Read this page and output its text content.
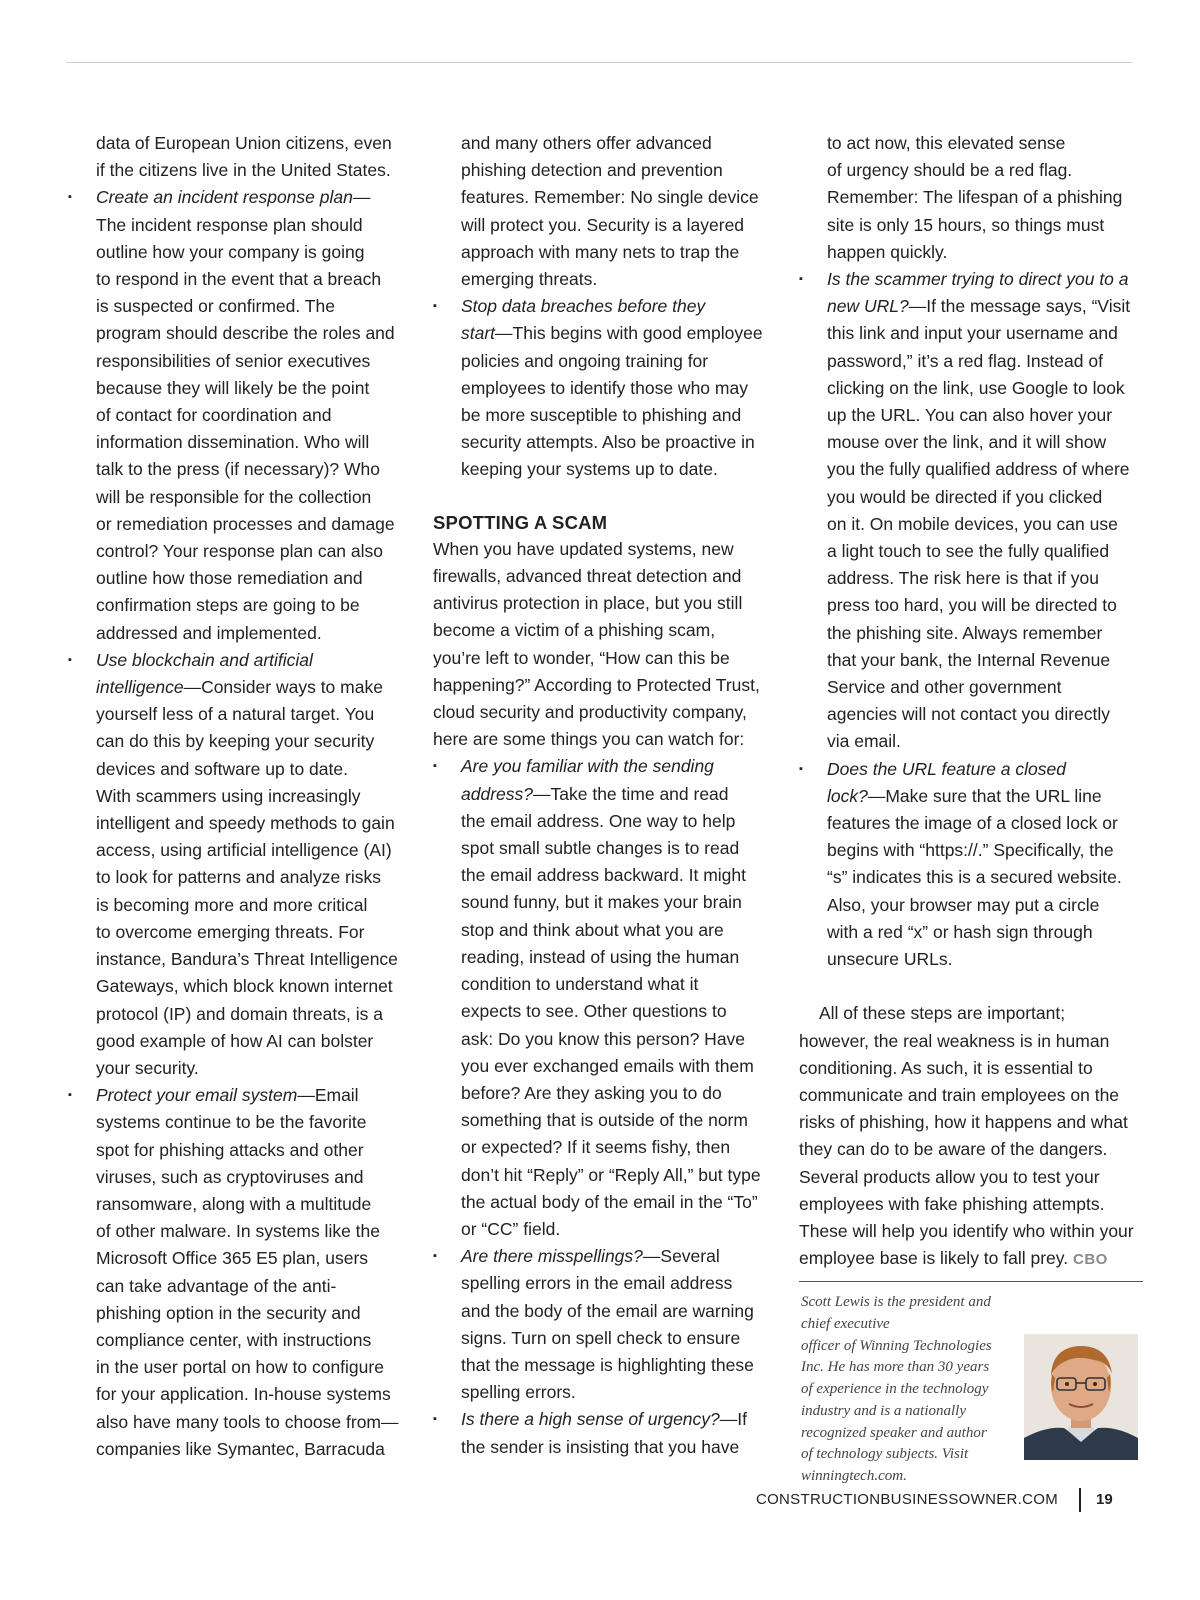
data of European Union citizens, even
if the citizens live in the United States.

▪ Create an incident response plan—
The incident response plan should
outline how your company is going
to respond in the event that a breach
is suspected or confirmed. The
program should describe the roles and
responsibilities of senior executives
because they will likely be the point
of contact for coordination and
information dissemination. Who will
talk to the press (if necessary)? Who
will be responsible for the collection
or remediation processes and damage
control? Your response plan can also
outline how those remediation and
confirmation steps are going to be
addressed and implemented.
▪ Use blockchain and artificial
intelligence—Consider ways to make
yourself less of a natural target. You
can do this by keeping your security
devices and software up to date.
With scammers using increasingly
intelligent and speedy methods to gain
access, using artificial intelligence (AI)
to look for patterns and analyze risks
is becoming more and more critical
to overcome emerging threats. For
instance, Bandura’s Threat Intelligence
Gateways, which block known internet
protocol (IP) and domain threats, is a
good example of how AI can bolster
your security.
▪ Protect your email system—Email
systems continue to be the favorite
spot for phishing attacks and other
viruses, such as cryptoviruses and
ransomware, along with a multitude
of other malware. In systems like the
Microsoft Office 365 E5 plan, users
can take advantage of the anti-
phishing option in the security and
compliance center, with instructions
in the user portal on how to configure
for your application. In-house systems
also have many tools to choose from—
companies like Symantec, Barracuda

and many others offer advanced
phishing detection and prevention
features. Remember: No single device
will protect you. Security is a layered
approach with many nets to trap the
emerging threats.

▪ Stop data breaches before they
start—This begins with good employee
policies and ongoing training for
employees to identify those who may
be more susceptible to phishing and
security attempts. Also be proactive in
keeping your systems up to date.
SPOTTING A SCAM

When you have updated systems, new
firewalls, advanced threat detection and
antivirus protection in place, but you still
become a victim of a phishing scam,
you’re left to wonder, “How can this be
happening?” According to Protected Trust,
cloud security and productivity company,
here are some things you can watch for:

▪ Are you familiar with the sending
address?—Take the time and read
the email address. One way to help
spot small subtle changes is to read
the email address backward. It might
sound funny, but it makes your brain
stop and think about what you are
reading, instead of using the human
condition to understand what it
expects to see. Other questions to
ask: Do you know this person? Have
you ever exchanged emails with them
before? Are they asking you to do
something that is outside of the norm
or expected? If it seems fishy, then
don’t hit “Reply” or “Reply All,” but type
the actual body of the email in the “To”
or “CC” field.
▪ Are there misspellings?—Several
spelling errors in the email address
and the body of the email are warning
signs. Turn on spell check to ensure
that the message is highlighting these
spelling errors.
▪ Is there a high sense of urgency?—If
the sender is insisting that you have

to act now, this elevated sense
of urgency should be a red flag.
Remember: The lifespan of a phishing
site is only 15 hours, so things must
happen quickly.

▪ Is the scammer trying to direct you to a
new URL?—If the message says, “Visit
this link and input your username and
password,” it’s a red flag. Instead of
clicking on the link, use Google to look
up the URL. You can also hover your
mouse over the link, and it will show
you the fully qualified address of where
you would be directed if you clicked
on it. On mobile devices, you can use
a light touch to see the fully qualified
address. The risk here is that if you
press too hard, you will be directed to
the phishing site. Always remember
that your bank, the Internal Revenue
Service and other government
agencies will not contact you directly
via email.
▪ Does the URL feature a closed
lock?—Make sure that the URL line
features the image of a closed lock or
begins with “https://.” Specifically, the
“s” indicates this is a secured website.
Also, your browser may put a circle
with a red “x” or hash sign through
unsecure URLs.

All of these steps are important;
however, the real weakness is in human
conditioning. As such, it is essential to
communicate and train employees on the
risks of phishing, how it happens and what
they can do to be aware of the dangers.
Several products allow you to test your
employees with fake phishing attempts.
These will help you identify who within your
employee base is likely to fall prey. CBO

Scott Lewis is the president and chief executive
officer of Winning Technologies
Inc. He has more than 30 years
of experience in the technology
industry and is a nationally
recognized speaker and author
of technology subjects. Visit
winningtech.com.
CONSTRUCTIONBUSINESSOWNER.COM	19
